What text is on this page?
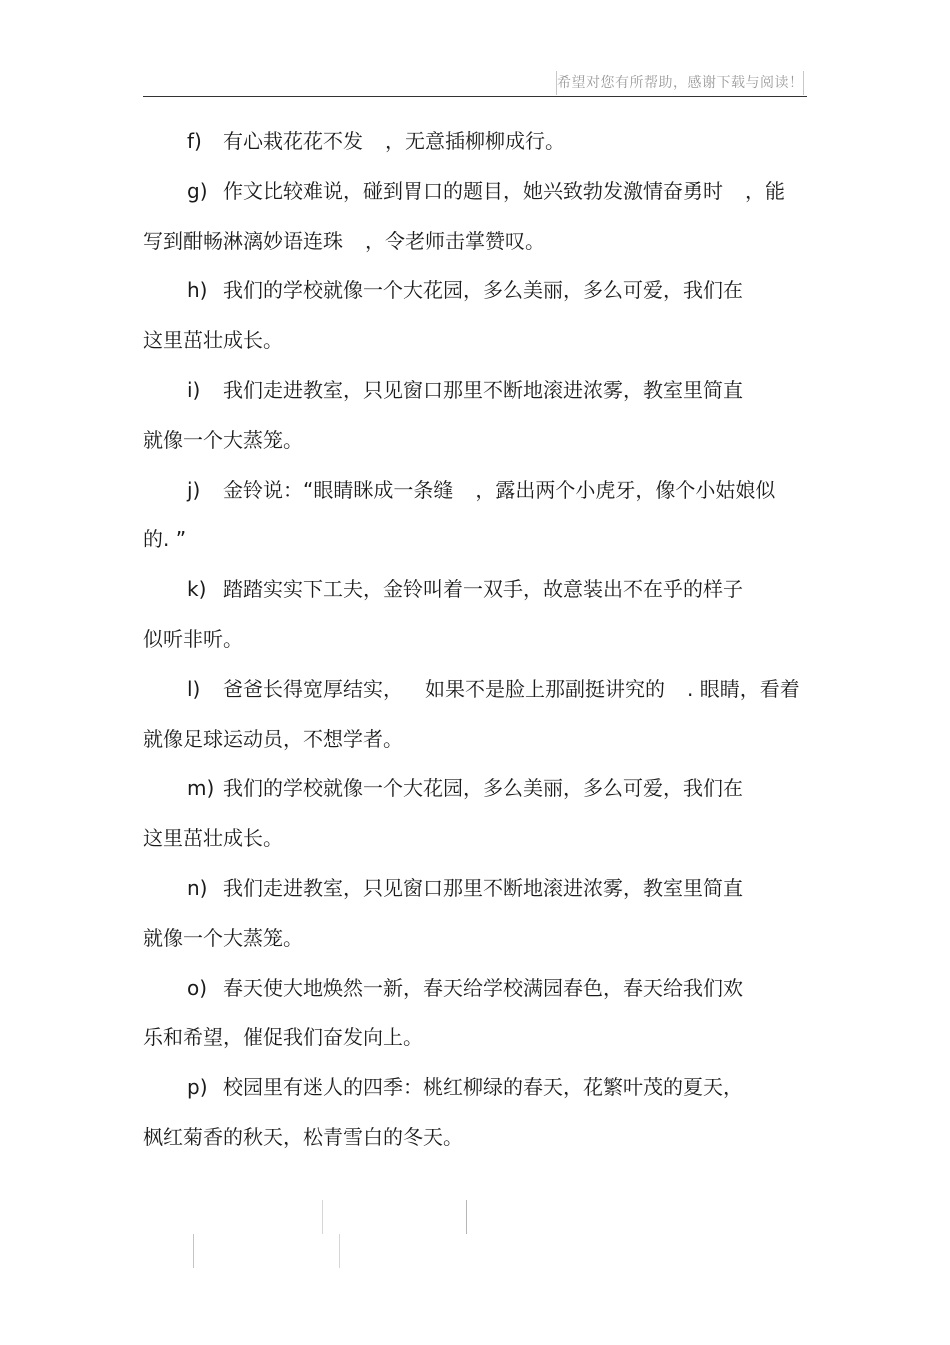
希望对您有所帮助，感谢下载与阅读！
f) 有心栽花花不发 ，无意插柳柳成行。
g) 作文比较难说，碰到胃口的题目，她兴致勃发激情奋勇时 ，能
写到酣畅淋漓妙语连珠 ，令老师击掌赞叹。
h) 我们的学校就像一个大花园，多么美丽，多么可爱，我们在
这里茁壮成长。
i) 我们走进教室，只见窗口那里不断地滚进浓雾，教室里简直
就像一个大蒸笼。
j) 金铃说：“眼睛眯成一条缝 ，露出两个小虎牙，像个小姑娘似
的. ”
k) 踏踏实实下工夫，金铃叫着一双手，故意装出不在乎的样子
似听非听。
l) 爸爸长得宽厚结实， 如果不是脸上那副挺讲究的 . 眼睛，看着
就像足球运动员，不想学者。
m) 我们的学校就像一个大花园，多么美丽，多么可爱，我们在
这里茁壮成长。
n) 我们走进教室，只见窗口那里不断地滚进浓雾，教室里简直
就像一个大蒸笼。
o) 春天使大地焕然一新，春天给学校满园春色，春天给我们欢
乐和希望，催促我们奋发向上。
p) 校园里有迷人的四季：桃红柳绿的春天，花繁叶茂的夏天，
枫红菊香的秋天，松青雪白的冬天。
